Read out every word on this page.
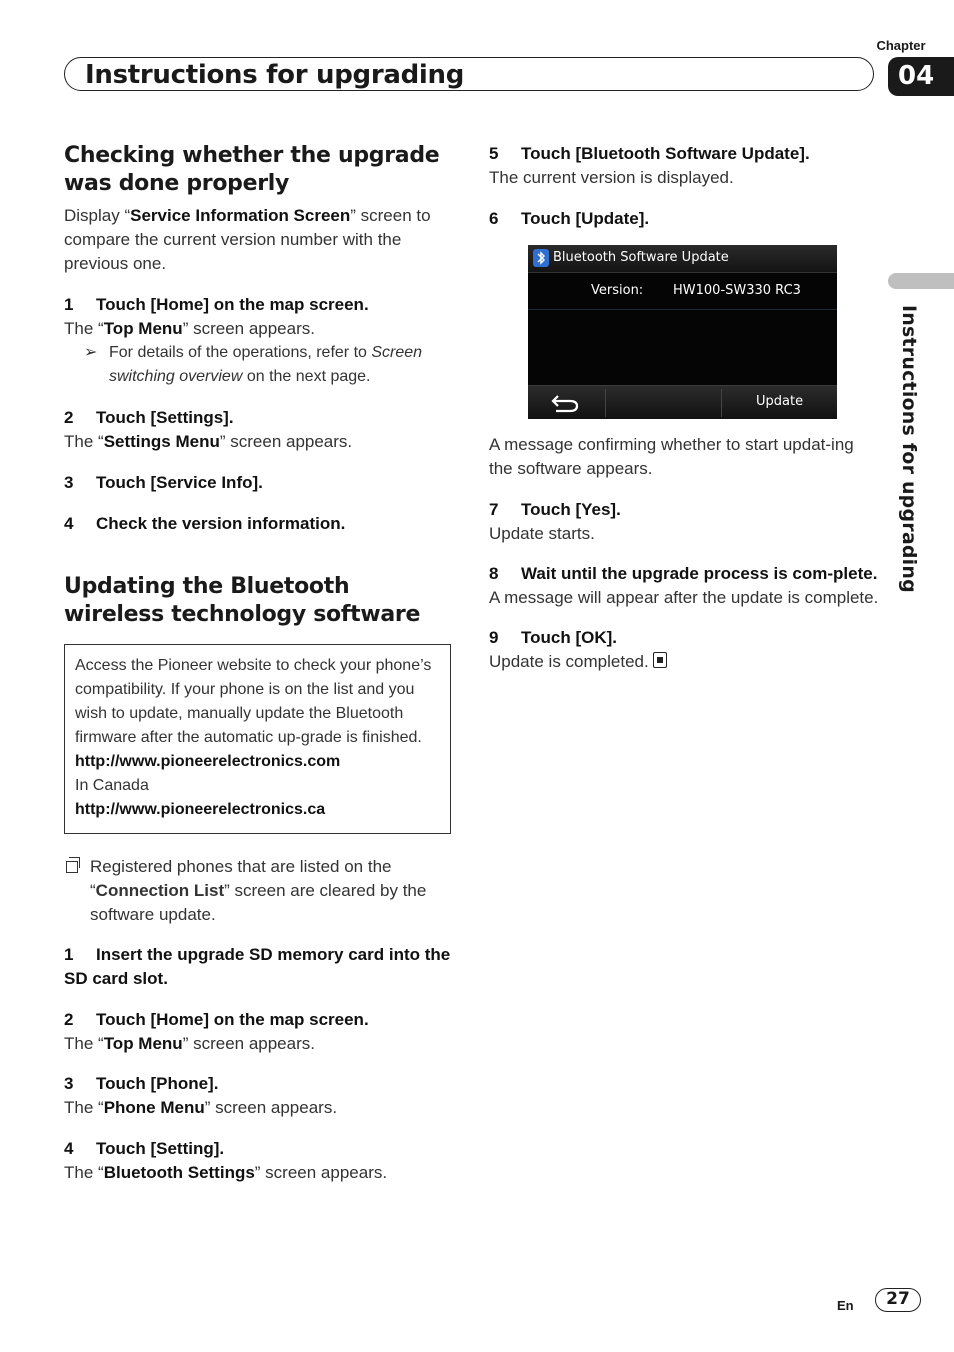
Chapter
Instructions for upgrading	04
Instructions for upgrading
Checking whether the upgrade was done properly

Display “Service Information Screen” screen to compare the current version number with the previous one.

1 Touch [Home] on the map screen.

The “Top Menu” screen appears.

➢ For details of the operations, refer to Screen switching overview on the next page.

2 Touch [Settings].

The “Settings Menu” screen appears.

3 Touch [Service Info].

4 Check the version information.

Updating the Bluetooth wireless technology software

Access the Pioneer website to check your phone’s compatibility. If your phone is on the list and you wish to update, manually update the Bluetooth firmware after the automatic up-grade is finished.

http://www.pioneerelectronics.com

In Canada

http://www.pioneerelectronics.ca

Registered phones that are listed on the “Connection List” screen are cleared by the software update.

1 Insert the upgrade SD memory card into the SD card slot.

2 Touch [Home] on the map screen.

The “Top Menu” screen appears.

3 Touch [Phone].

The “Phone Menu” screen appears.

4 Touch [Setting].

The “Bluetooth Settings” screen appears.

5 Touch [Bluetooth Software Update].

The current version is displayed.

6 Touch [Update].

A message confirming whether to start updat-ing the software appears.

7 Touch [Yes].

Update starts.

8 Wait until the upgrade process is com-plete.

A message will appear after the update is complete.

9 Touch [OK].

Update is completed.

Bluetooth Software Update
Version: HW100-SW330 RC3
Update
En	27
